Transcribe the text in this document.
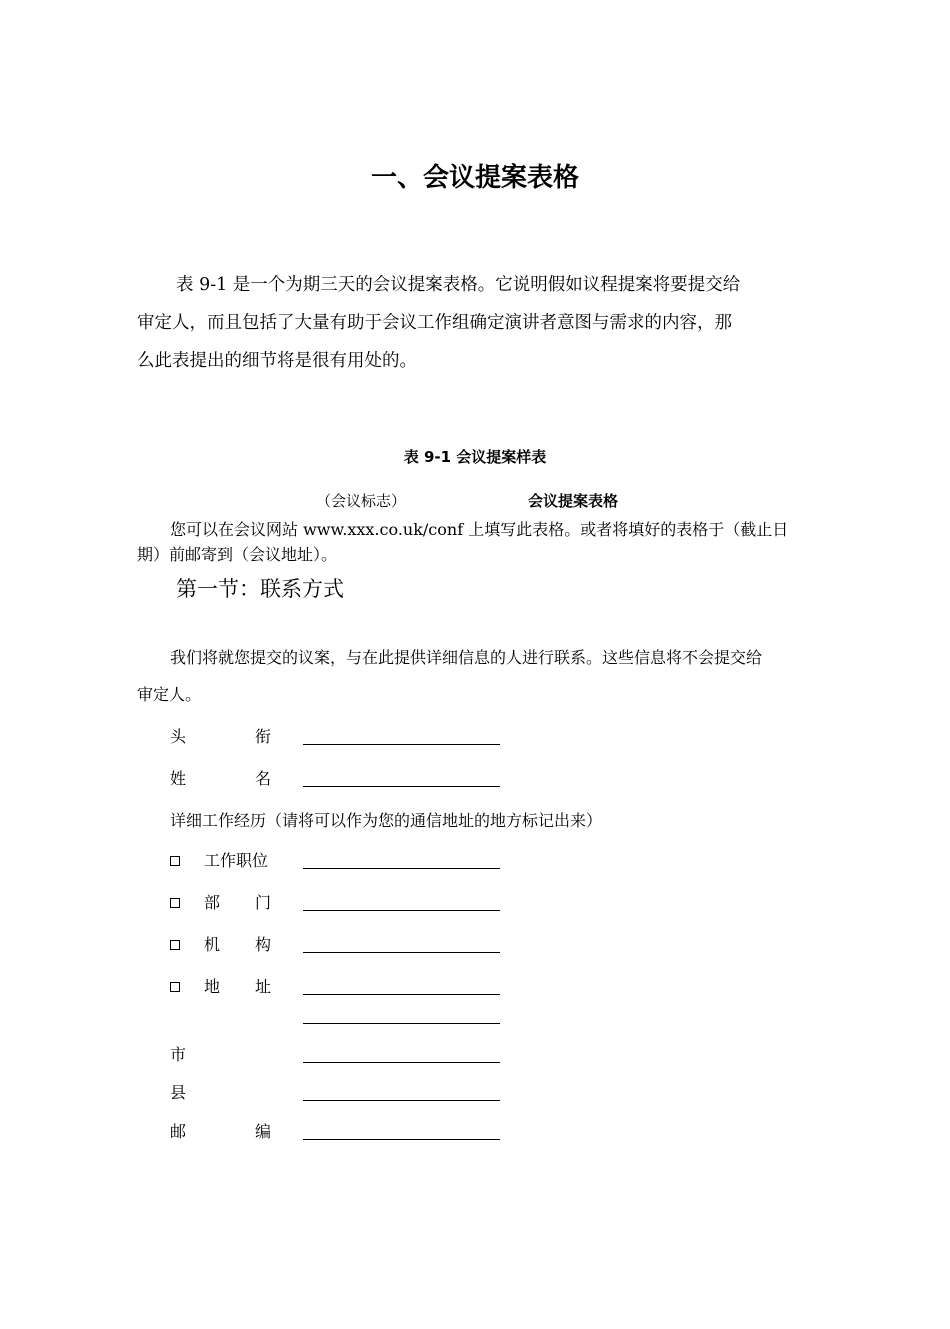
一、会议提案表格
表 9-1 是一个为期三天的会议提案表格。它说明假如议程提案将要提交给
审定人，而且包括了大量有助于会议工作组确定演讲者意图与需求的内容，那
么此表提出的细节将是很有用处的。
表 9-1 会议提案样表
（会议标志）	会议提案表格
您可以在会议网站 www.xxx.co.uk/conf 上填写此表格。或者将填好的表格于（截止日
期）前邮寄到（会议地址）。
第一节：联系方式
我们将就您提交的议案，与在此提供详细信息的人进行联系。这些信息将不会提交给
审定人。
头	衔
姓	名
详细工作经历（请将可以作为您的通信地址的地方标记出来）
工作职位
部 门
机 构
地 址
市
县
邮	编
